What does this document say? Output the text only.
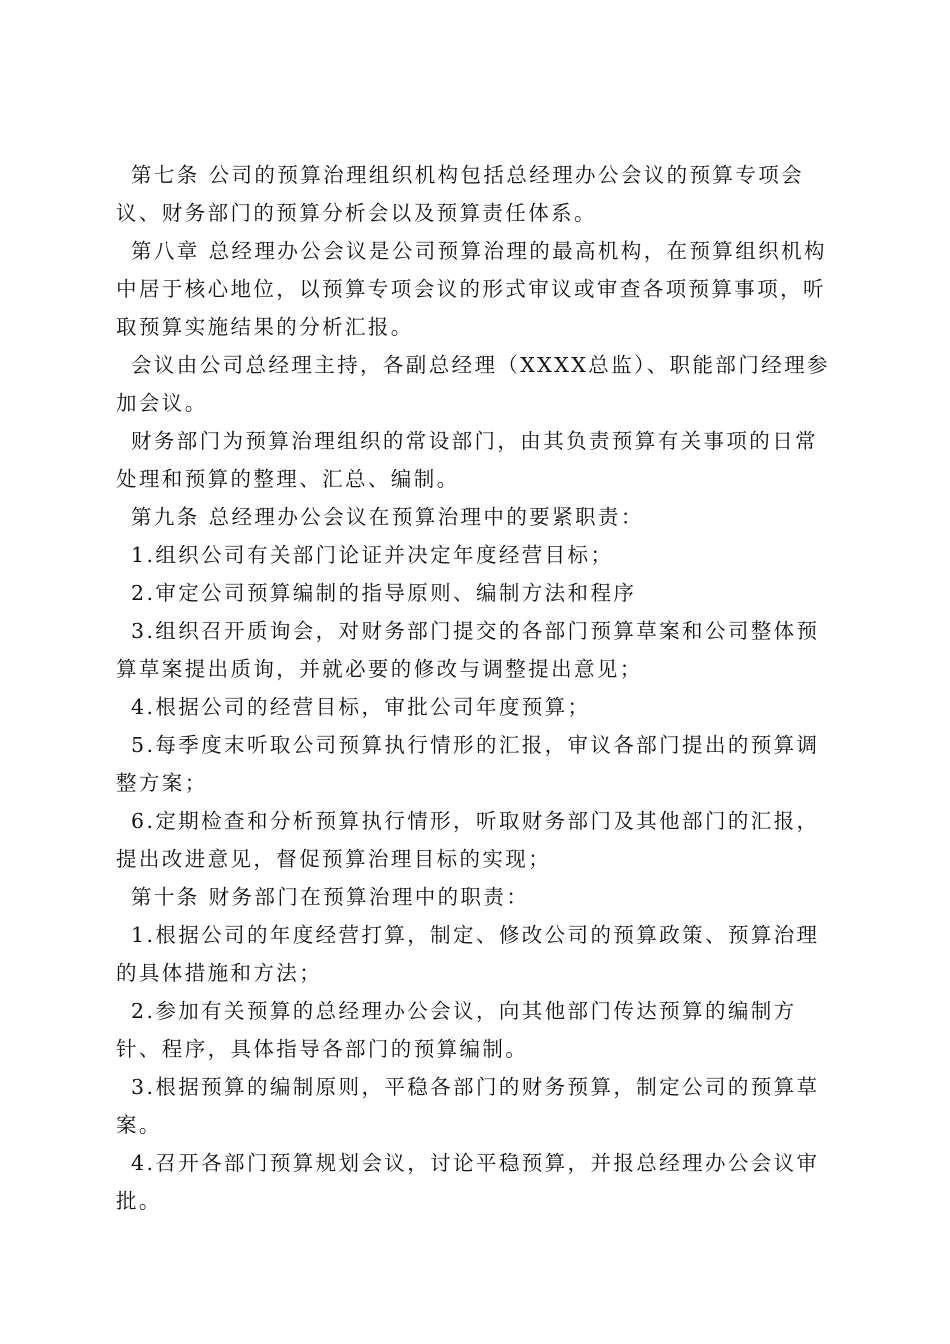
第七条 公司的预算治理组织机构包括总经理办公会议的预算专项会议、财务部门的预算分析会以及预算责任体系。

第八章 总经理办公会议是公司预算治理的最高机构，在预算组织机构中居于核心地位，以预算专项会议的形式审议或审查各项预算事项，听取预算实施结果的分析汇报。

会议由公司总经理主持，各副总经理（XXXX总监）、职能部门经理参加会议。

财务部门为预算治理组织的常设部门，由其负责预算有关事项的日常处理和预算的整理、汇总、编制。

第九条 总经理办公会议在预算治理中的要紧职责：

1.组织公司有关部门论证并决定年度经营目标；

2.审定公司预算编制的指导原则、编制方法和程序

3.组织召开质询会，对财务部门提交的各部门预算草案和公司整体预算草案提出质询，并就必要的修改与调整提出意见；

4.根据公司的经营目标，审批公司年度预算；

5.每季度末听取公司预算执行情形的汇报，审议各部门提出的预算调整方案；

6.定期检查和分析预算执行情形，听取财务部门及其他部门的汇报，提出改进意见，督促预算治理目标的实现；

第十条 财务部门在预算治理中的职责：

1.根据公司的年度经营打算，制定、修改公司的预算政策、预算治理的具体措施和方法；

2.参加有关预算的总经理办公会议，向其他部门传达预算的编制方针、程序，具体指导各部门的预算编制。

3.根据预算的编制原则，平稳各部门的财务预算，制定公司的预算草案。

4.召开各部门预算规划会议，讨论平稳预算，并报总经理办公会议审批。
